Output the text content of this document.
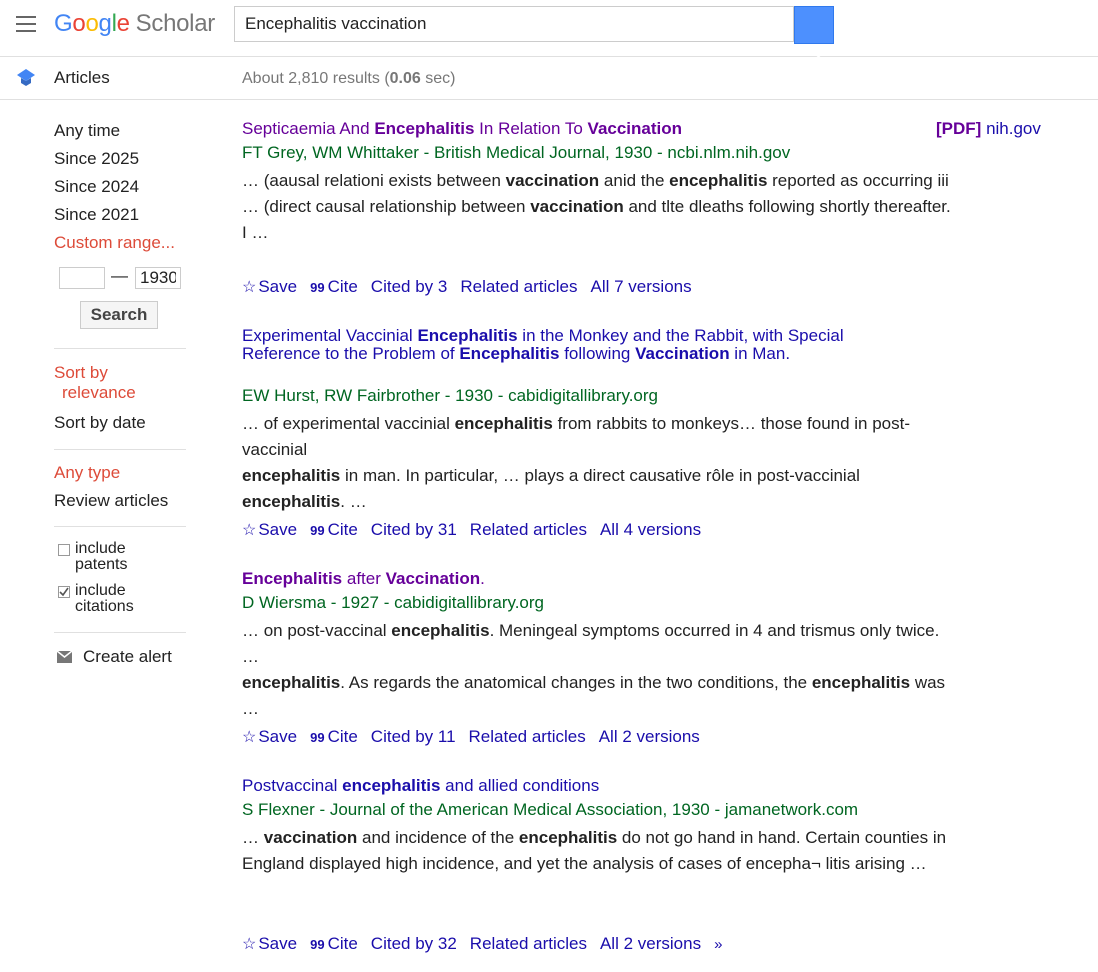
Google Scholar
Encephalitis vaccination
Articles	About 2,810 results (0.06 sec)
Any time
Since 2025
Since 2024
Since 2021
Custom range...
—
1930
Search
Sort by
relevance
Sort by date
Any type
Review articles
include
patents
include
citations
Create alert
Septicaemia And Encephalitis In Relation To Vaccination	[PDF] nih.gov
FT Grey, WM Whittaker - British Medical Journal, 1930 - ncbi.nlm.nih.gov
… (aausal relationi exists between vaccination anid the encephalitis reported as occurring iii
… (direct causal relationship between vaccination and tlte dleaths following shortly thereafter. I …
☆ Save 99 Cite Cited by 3 Related articles All 7 versions
Experimental Vaccinial Encephalitis in the Monkey and the Rabbit, with Special Reference to the Problem of Encephalitis following Vaccination in Man.
EW Hurst, RW Fairbrother - 1930 - cabidigitallibrary.org
… of experimental vaccinial encephalitis from rabbits to monkeys… those found in post-vaccinial
encephalitis in man. In particular, … plays a direct causative rôle in post-vaccinial encephalitis. …
☆ Save 99 Cite Cited by 31 Related articles All 4 versions
Encephalitis after Vaccination.
D Wiersma - 1927 - cabidigitallibrary.org
… on post-vaccinal encephalitis. Meningeal symptoms occurred in 4 and trismus only twice. …
encephalitis. As regards the anatomical changes in the two conditions, the encephalitis was …
☆ Save 99 Cite Cited by 11 Related articles All 2 versions
Postvaccinal encephalitis and allied conditions
S Flexner - Journal of the American Medical Association, 1930 - jamanetwork.com
… vaccination and incidence of the encephalitis do not go hand in hand. Certain counties in
England displayed high incidence, and yet the analysis of cases of encepha¬ litis arising …
☆ Save 99 Cite Cited by 32 Related articles All 2 versions »
